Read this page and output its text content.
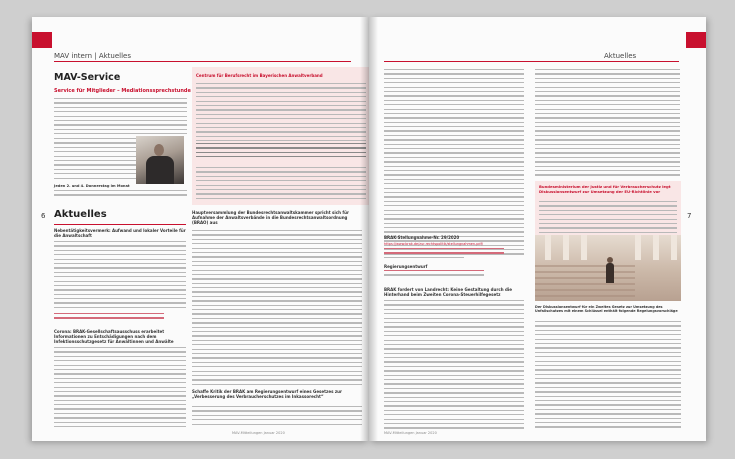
MAV intern | Aktuelles
MAV-Service
Service für Mitglieder – Mediationssprechstunde
Jeden 2. und 4. Donnerstag im Monat
Centrum für Berufsrecht im Bayerischen Anwaltverband
6 Aktuelles
Nebentätigkeitsvermerk: Aufwand und lokaler Vorteile für die Anwaltschaft
Corona: BRAK-Gesellschaftsausschuss erarbeitet Informationen zu Entschädigungen nach dem Infektionsschutzgesetz für Anwältinnen und Anwälte
Hauptversammlung der Bundesrechtsanwaltskammer spricht sich für Aufnahme der Anwaltsverbände in die Bundesrechtsanwaltsordnung (BRAO) aus
Schaffe Kritik der BRAK am Regierungsentwurf eines Gesetzes zur „Verbesserung des Verbraucherschutzes im Inkassorecht“
MAV-Mitteilungen Januar 2020
Aktuelles
7
BRAK-Stellungnahme-Nr. 29/2020
https://www.brak.de/zur-rechtspolitik/stellungnahmen-pdf/
Regierungsentwurf
BRAK fordert von Landrecht: Keine Gestaltung durch die Hinterhand beim Zweiten Corona-Steuerhilfegesetz
MAV-Mitteilungen Januar 2020
Bundesministerium der Justiz und für Verbraucherschutz legt Diskussionsentwurf zur Umsetzung der EU-Richtlinie vor
Der Diskussionsentwurf für ein Zweites Gesetz zur Umsetzung des Unfallschutzes mit einem Schlüssel enthält folgende Regelungsvorschläge
